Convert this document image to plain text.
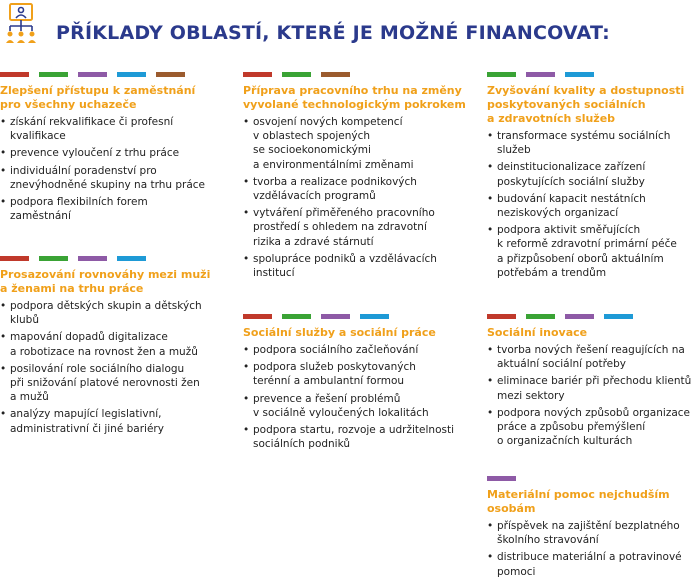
PŘÍKLADY OBLASTÍ, KTERÉ JE MOŽNÉ FINANCOVAT:
Zlepšení přístupu k zaměstnání
pro všechny uchazeče
• získání rekvalifikace či profesní
kvalifikace
• prevence vyloučení z trhu práce
• individuální poradenství pro
znevýhodněné skupiny na trhu práce
• podpora flexibilních forem
zaměstnání
Příprava pracovního trhu na změny
vyvolané technologickým pokrokem
• osvojení nových kompetencí
v oblastech spojených
se socioekonomickými
a environmentálními změnami
• tvorba a realizace podnikových
vzdělávacích programů
• vytváření přiměřeného pracovního
prostředí s ohledem na zdravotní
rizika a zdravé stárnutí
• spolupráce podniků a vzdělávacích
institucí
Zvyšování kvality a dostupnosti
poskytovaných sociálních
a zdravotních služeb
• transformace systému sociálních
služeb
• deinstitucionalizace zařízení
poskytujících sociální služby
• budování kapacit nestátních
neziskových organizací
• podpora aktivit směřujících
k reformě zdravotní primární péče
a přizpůsobení oborů aktuálním
potřebám a trendům
Prosazování rovnováhy mezi muži
a ženami na trhu práce
• podpora dětských skupin a dětských
klubů
• mapování dopadů digitalizace
a robotizace na rovnost žen a mužů
• posilování role sociálního dialogu
při snižování platové nerovnosti žen
a mužů
• analýzy mapující legislativní,
administrativní či jiné bariéry
Sociální služby a sociální práce
• podpora sociálního začleňování
• podpora služeb poskytovaných
terénní a ambulantní formou
• prevence a řešení problémů
v sociálně vyloučených lokalitách
• podpora startu, rozvoje a udržitelnosti
sociálních podniků
Sociální inovace
• tvorba nových řešení reagujících na
aktuální sociální potřeby
• eliminace bariér při přechodu klientů
mezi sektory
• podpora nových způsobů organizace
práce a způsobu přemýšlení
o organizačních kulturách
Materiální pomoc nejchudším osobám
• příspěvek na zajištění bezplatného
školního stravování
• distribuce materiální a potravinové
pomoci
